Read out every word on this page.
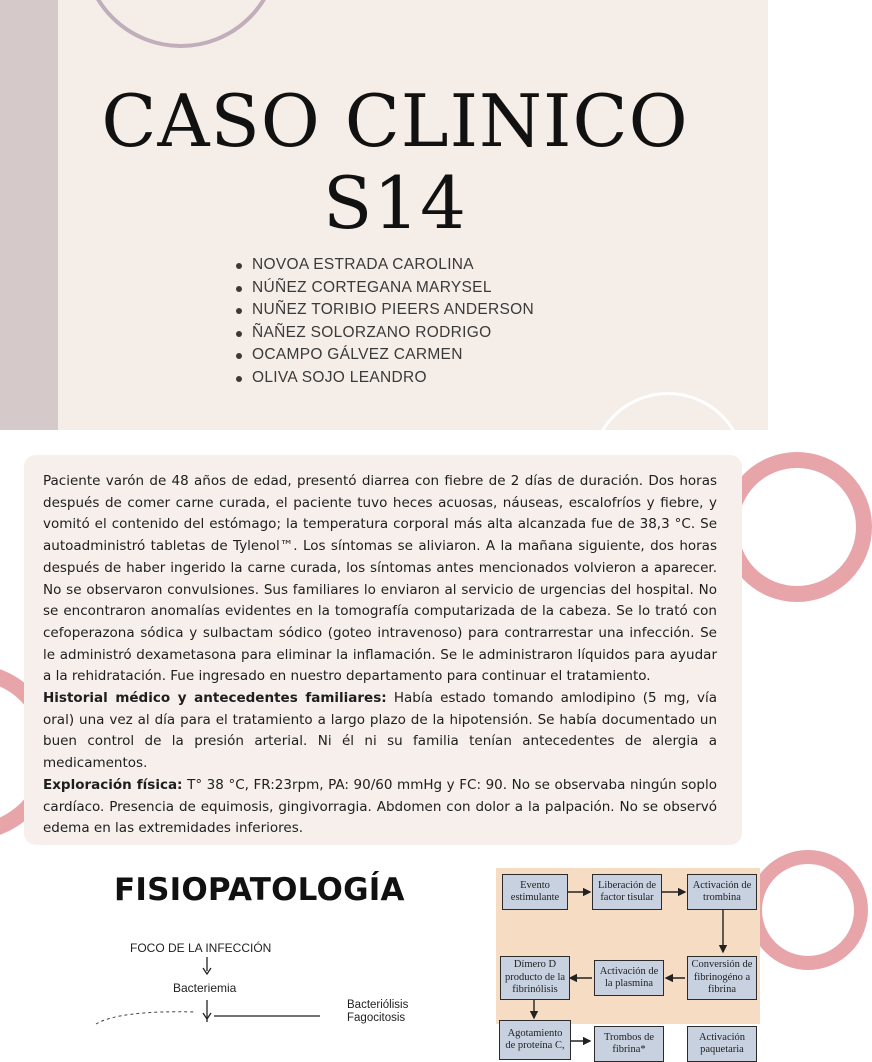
CASO CLINICO
S14
NOVOA ESTRADA CAROLINA
NÚÑEZ CORTEGANA MARYSEL
NUÑEZ TORIBIO PIEERS ANDERSON
ÑAÑEZ SOLORZANO RODRIGO
OCAMPO GÁLVEZ CARMEN
OLIVA SOJO LEANDRO

Paciente varón de 48 años de edad, presentó diarrea con fiebre de 2 días de duración. Dos horas después de comer carne curada, el paciente tuvo heces acuosas, náuseas, escalofríos y fiebre, y vomitó el contenido del estómago; la temperatura corporal más alta alcanzada fue de 38,3 °C. Se autoadministró tabletas de Tylenol™. Los síntomas se aliviaron. A la mañana siguiente, dos horas después de haber ingerido la carne curada, los síntomas antes mencionados volvieron a aparecer. No se observaron convulsiones. Sus familiares lo enviaron al servicio de urgencias del hospital. No se encontraron anomalías evidentes en la tomografía computarizada de la cabeza. Se lo trató con cefoperazona sódica y sulbactam sódico (goteo intravenoso) para contrarrestar una infección. Se le administró dexametasona para eliminar la inflamación. Se le administraron líquidos para ayudar a la rehidratación. Fue ingresado en nuestro departamento para continuar el tratamiento.

Historial médico y antecedentes familiares: Había estado tomando amlodipino (5 mg, vía oral) una vez al día para el tratamiento a largo plazo de la hipotensión. Se había documentado un buen control de la presión arterial. Ni él ni su familia tenían antecedentes de alergia a medicamentos.

Exploración física: T° 38 °C, FR:23rpm, PA: 90/60 mmHg y FC: 90. No se observaba ningún soplo cardíaco. Presencia de equimosis, gingivorragia. Abdomen con dolor a la palpación. No se observó edema en las extremidades inferiores.

FISIOPATOLOGÍA
FOCO DE LA INFECCIÓN
Bacteriemia
Bacteriólisis
Fagocitosis
Evento estimulante
Liberación de factor tisular
Activación de trombina
Conversión de fibrinogéno a fibrina
Activación de la plasmina
Dímero D producto de la fibrinólisis
Agotamiento de proteína C,
Trombos de fibrina*
Activación paquetaria
